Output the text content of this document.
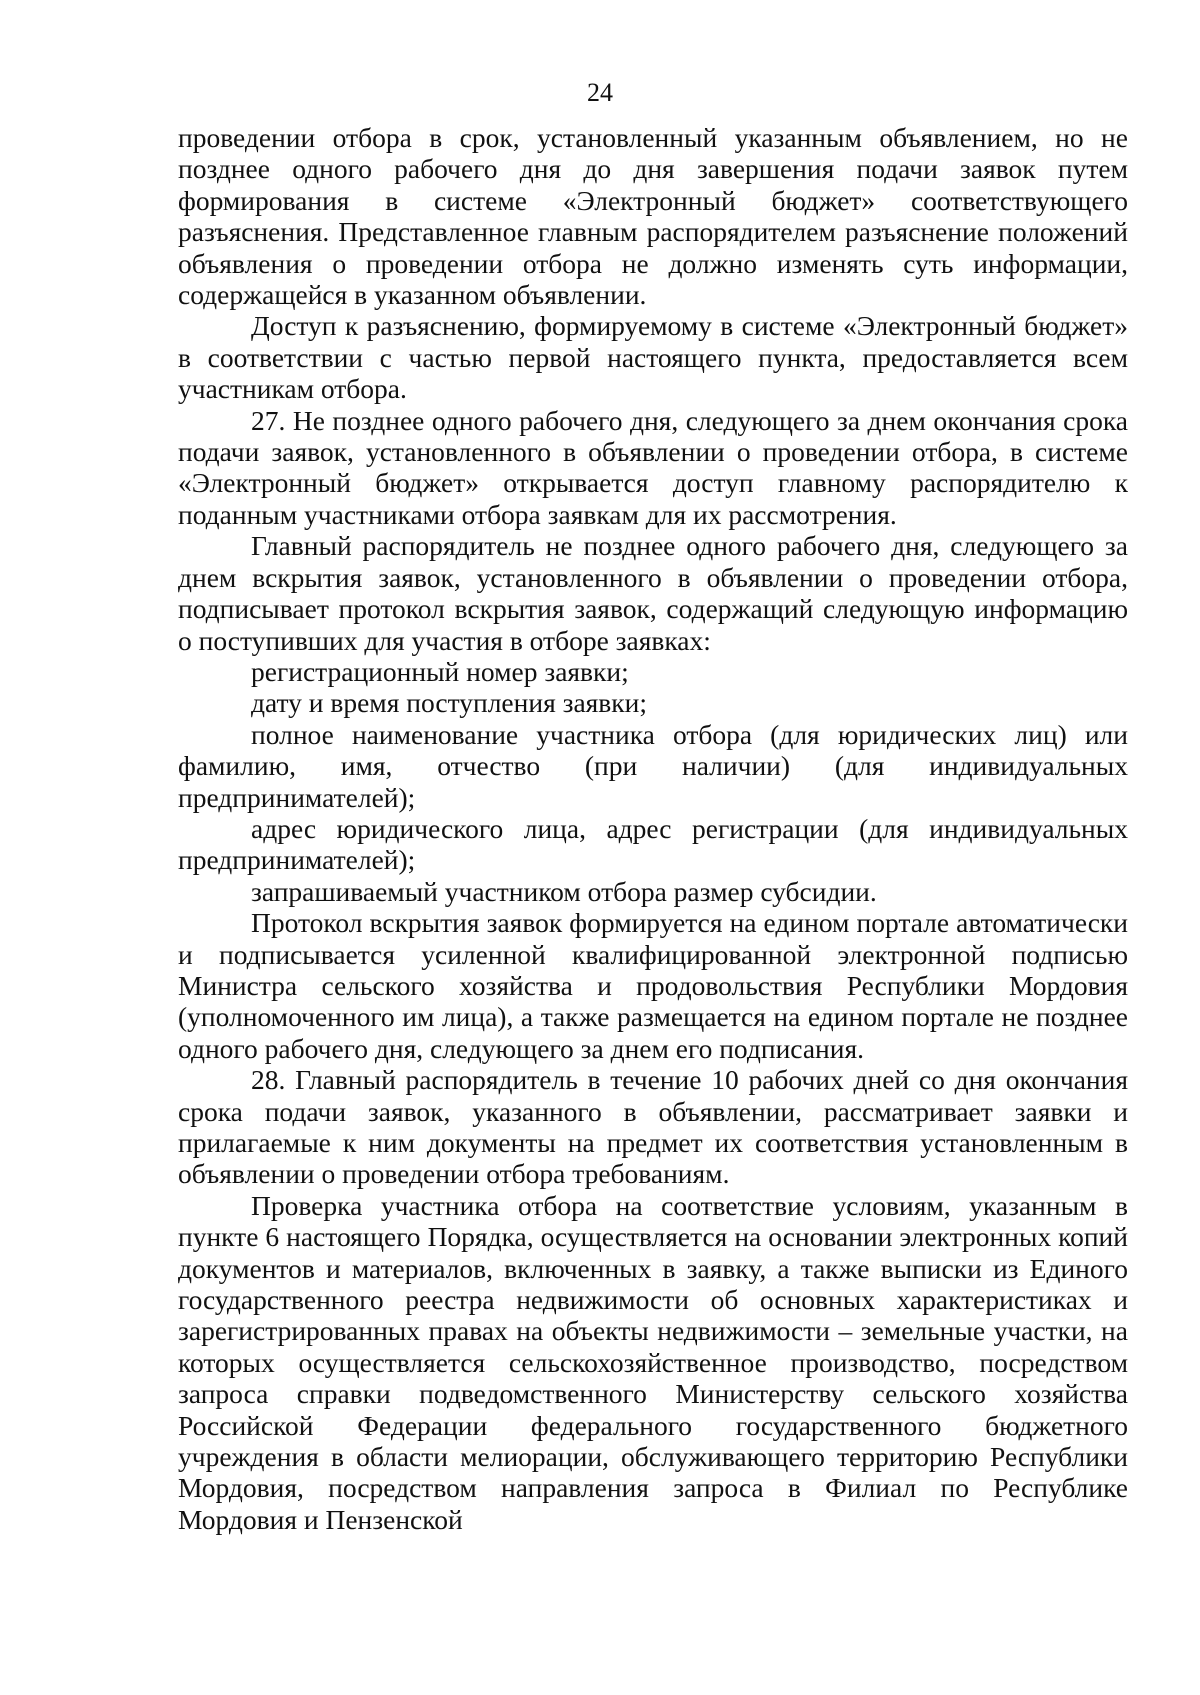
24

проведении отбора в срок, установленный указанным объявлением, но не позднее одного рабочего дня до дня завершения подачи заявок путем формирования в системе «Электронный бюджет» соответствующего разъяснения. Представленное главным распорядителем разъяснение положений объявления о проведении отбора не должно изменять суть информации, содержащейся в указанном объявлении.

Доступ к разъяснению, формируемому в системе «Электронный бюджет» в соответствии с частью первой настоящего пункта, предоставляется всем участникам отбора.

27. Не позднее одного рабочего дня, следующего за днем окончания срока подачи заявок, установленного в объявлении о проведении отбора, в системе «Электронный бюджет» открывается доступ главному распорядителю к поданным участниками отбора заявкам для их рассмотрения.

Главный распорядитель не позднее одного рабочего дня, следующего за днем вскрытия заявок, установленного в объявлении о проведении отбора, подписывает протокол вскрытия заявок, содержащий следующую информацию о поступивших для участия в отборе заявках:

регистрационный номер заявки;

дату и время поступления заявки;

полное наименование участника отбора (для юридических лиц) или фамилию, имя, отчество (при наличии) (для индивидуальных предпринимателей);

адрес юридического лица, адрес регистрации (для индивидуальных предпринимателей);

запрашиваемый участником отбора размер субсидии.

Протокол вскрытия заявок формируется на едином портале автоматически и подписывается усиленной квалифицированной электронной подписью Министра сельского хозяйства и продовольствия Республики Мордовия (уполномоченного им лица), а также размещается на едином портале не позднее одного рабочего дня, следующего за днем его подписания.

28. Главный распорядитель в течение 10 рабочих дней со дня окончания срока подачи заявок, указанного в объявлении, рассматривает заявки и прилагаемые к ним документы на предмет их соответствия установленным в объявлении о проведении отбора требованиям.

Проверка участника отбора на соответствие условиям, указанным в пункте 6 настоящего Порядка, осуществляется на основании электронных копий документов и материалов, включенных в заявку, а также выписки из Единого государственного реестра недвижимости об основных характеристиках и зарегистрированных правах на объекты недвижимости – земельные участки, на которых осуществляется сельскохозяйственное производство, посредством запроса справки подведомственного Министерству сельского хозяйства Российской Федерации федерального государственного бюджетного учреждения в области мелиорации, обслуживающего территорию Республики Мордовия, посредством направления запроса в Филиал по Республике Мордовия и Пензенской
